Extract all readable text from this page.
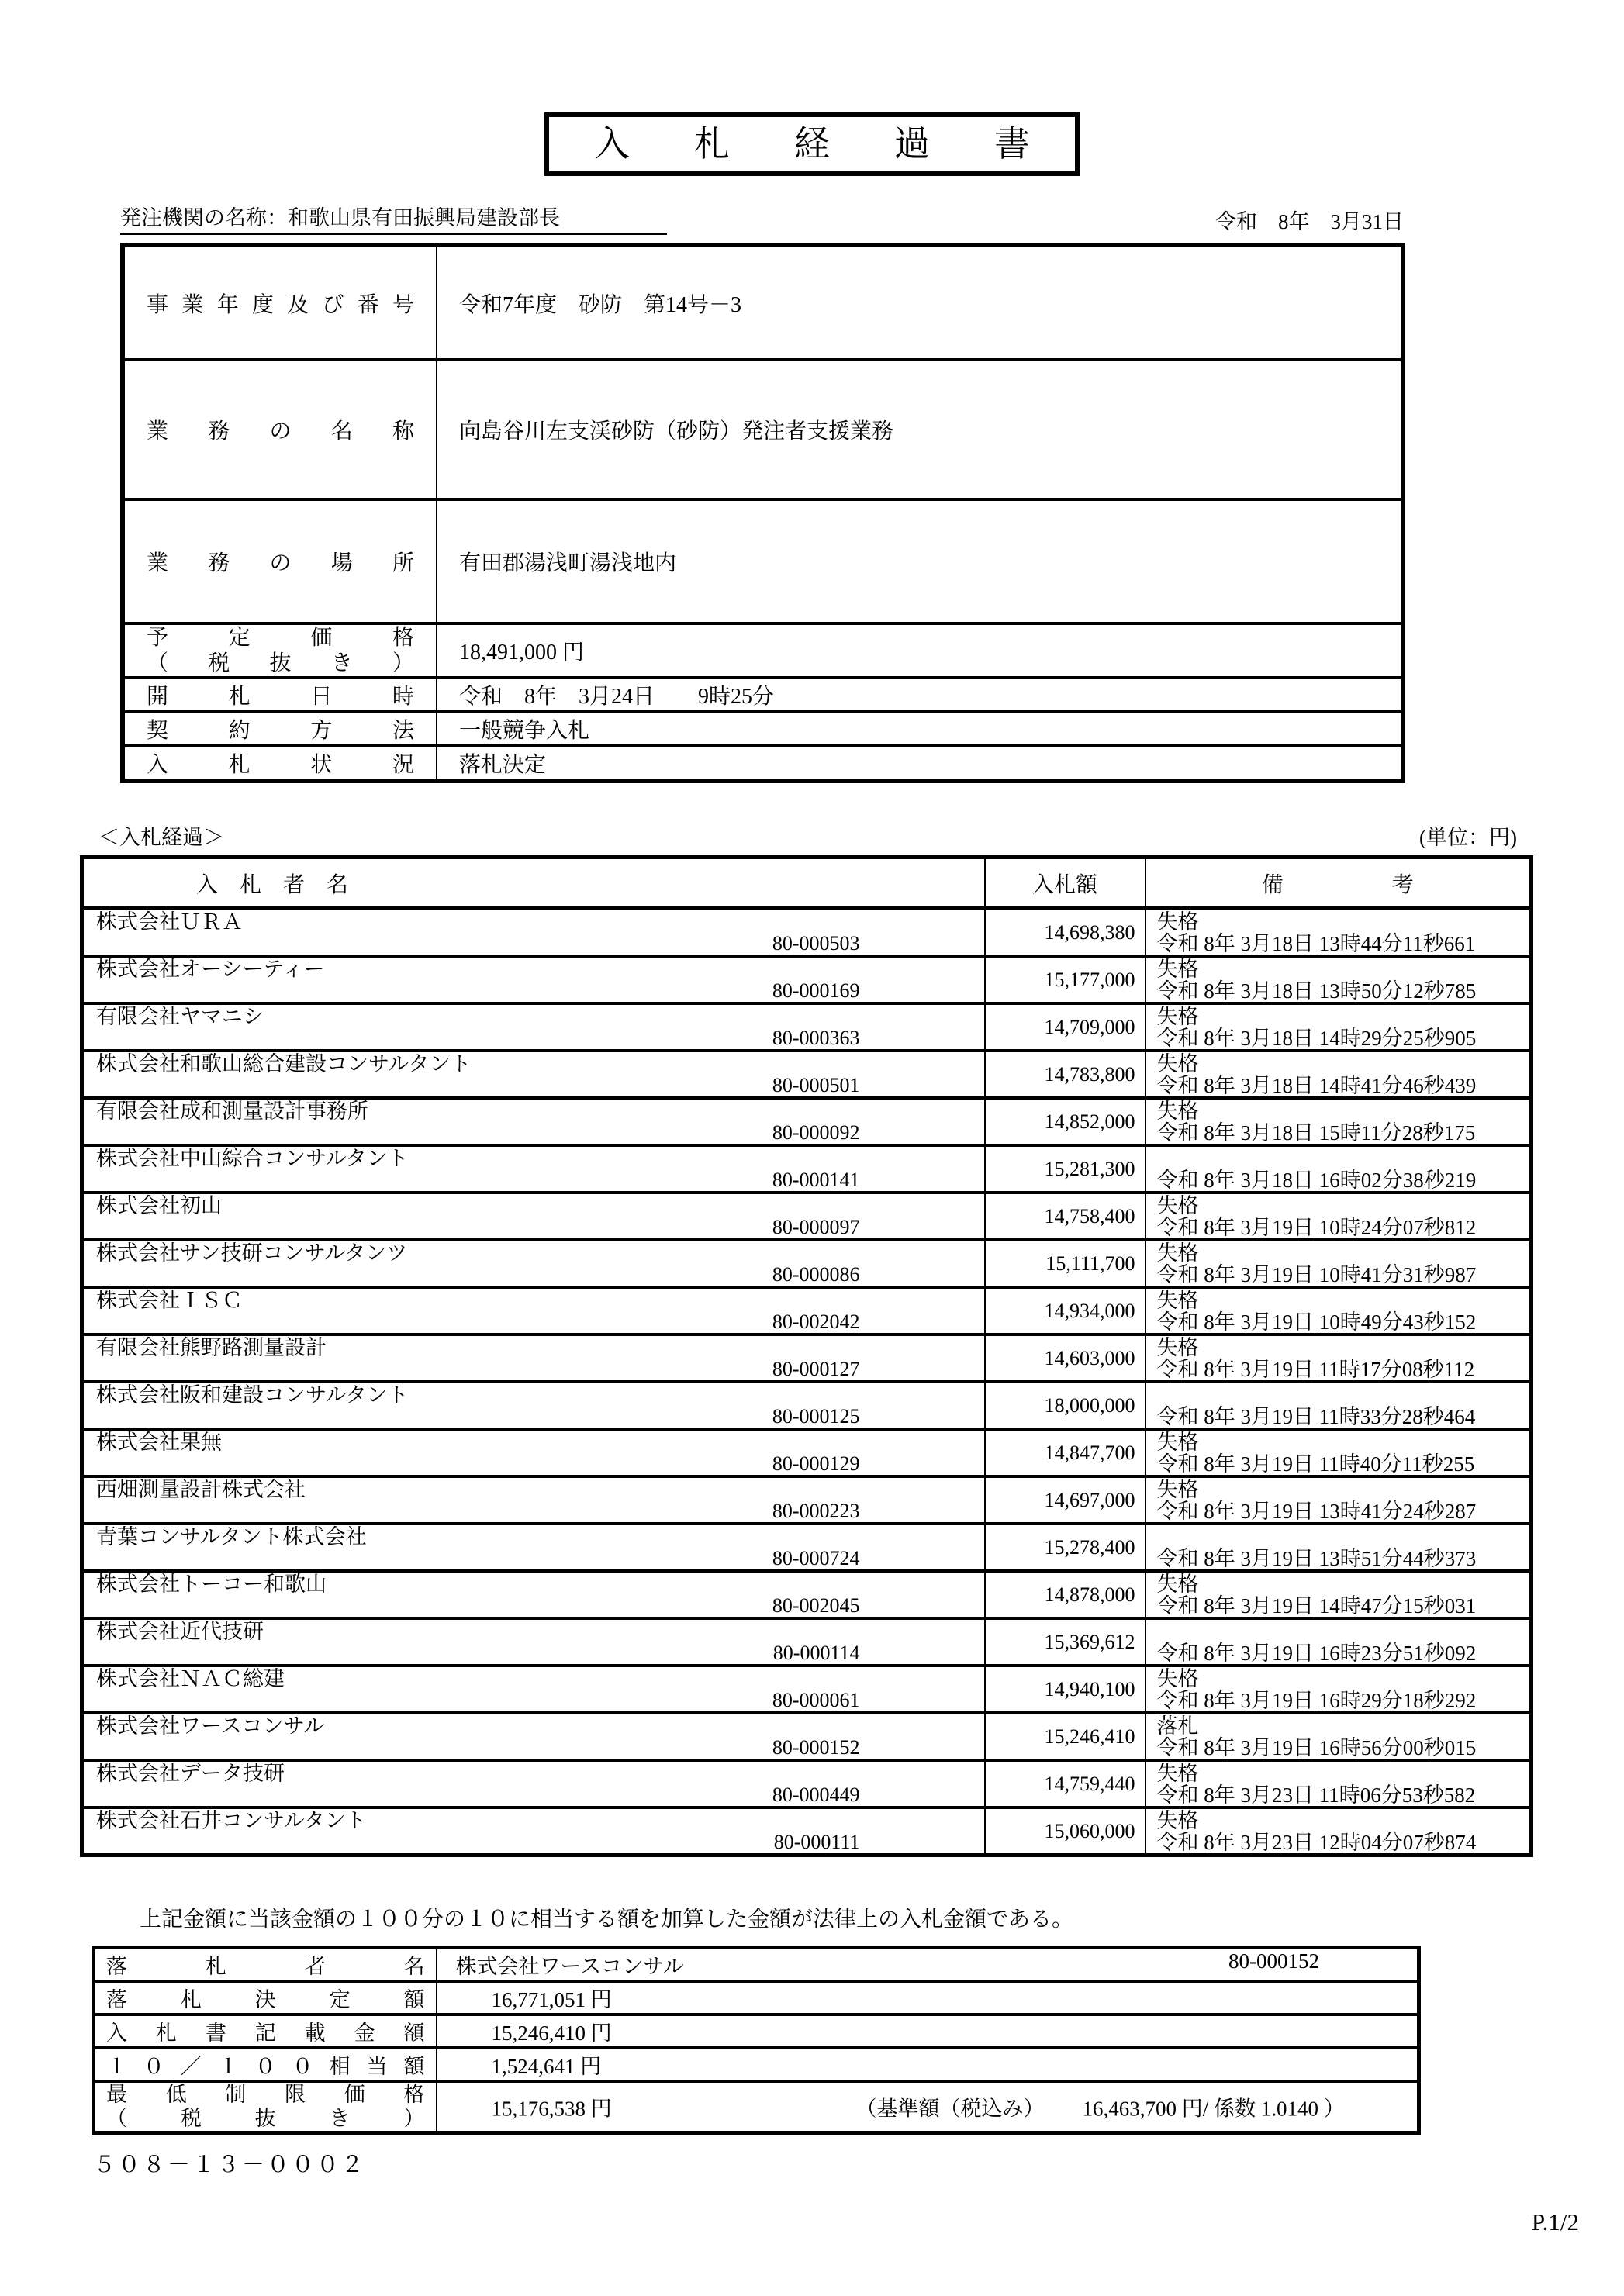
入札経過書
発注機関の名称：和歌山県有田振興局建設部長	令和　8年　3月31日
事業年度及び番号	令和7年度　砂防　第14号－3
業務の名称	向島谷川左支渓砂防（砂防）発注者支援業務
業務の場所	有田郡湯浅町湯浅地内

予定価格
（税抜き）	18,491,000 円
開札日時	令和　8年　3月24日　　9時25分
契約方法	一般競争入札
入札状況	落札決定
＜入札経過＞	(単位：円)
入　札　者　名	入札額	備　　　　　考

株式会社ＵＲＡ
80-000503	14,698,380	失格
令和 8年 3月18日 13時44分11秒661

株式会社オーシーティー
80-000169	15,177,000	失格
令和 8年 3月18日 13時50分12秒785

有限会社ヤマニシ
80-000363	14,709,000	失格
令和 8年 3月18日 14時29分25秒905

株式会社和歌山総合建設コンサルタント
80-000501	14,783,800	失格
令和 8年 3月18日 14時41分46秒439

有限会社成和測量設計事務所
80-000092	14,852,000	失格
令和 8年 3月18日 15時11分28秒175

株式会社中山綜合コンサルタント
80-000141	15,281,300	令和 8年 3月18日 16時02分38秒219

株式会社初山
80-000097	14,758,400	失格
令和 8年 3月19日 10時24分07秒812

株式会社サン技研コンサルタンツ
80-000086	15,111,700	失格
令和 8年 3月19日 10時41分31秒987

株式会社ＩＳＣ
80-002042	14,934,000	失格
令和 8年 3月19日 10時49分43秒152

有限会社熊野路測量設計
80-000127	14,603,000	失格
令和 8年 3月19日 11時17分08秒112

株式会社阪和建設コンサルタント
80-000125	18,000,000	令和 8年 3月19日 11時33分28秒464

株式会社果無
80-000129	14,847,700	失格
令和 8年 3月19日 11時40分11秒255

西畑測量設計株式会社
80-000223	14,697,000	失格
令和 8年 3月19日 13時41分24秒287

青葉コンサルタント株式会社
80-000724	15,278,400	令和 8年 3月19日 13時51分44秒373

株式会社トーコー和歌山
80-002045	14,878,000	失格
令和 8年 3月19日 14時47分15秒031

株式会社近代技研
80-000114	15,369,612	令和 8年 3月19日 16時23分51秒092

株式会社ＮＡＣ総建
80-000061	14,940,100	失格
令和 8年 3月19日 16時29分18秒292

株式会社ワースコンサル
80-000152	15,246,410	落札
令和 8年 3月19日 16時56分00秒015

株式会社データ技研
80-000449	14,759,440	失格
令和 8年 3月23日 11時06分53秒582

株式会社石井コンサルタント
80-000111	15,060,000	失格
令和 8年 3月23日 12時04分07秒874

上記金額に当該金額の１００分の１０に相当する額を加算した金額が法律上の入札金額である。

落札者名	株式会社ワースコンサル 80-000152

落札決定額	16,771,051 円
入札書記載金額	15,246,410 円
１０／１００相当額	1,524,641 円

最低制限価格
（税抜き）	15,176,538 円	（基準額（税込み） 16,463,700 円/ 係数 1.0140 ）
５０８－１３－０００２
P.1/2
